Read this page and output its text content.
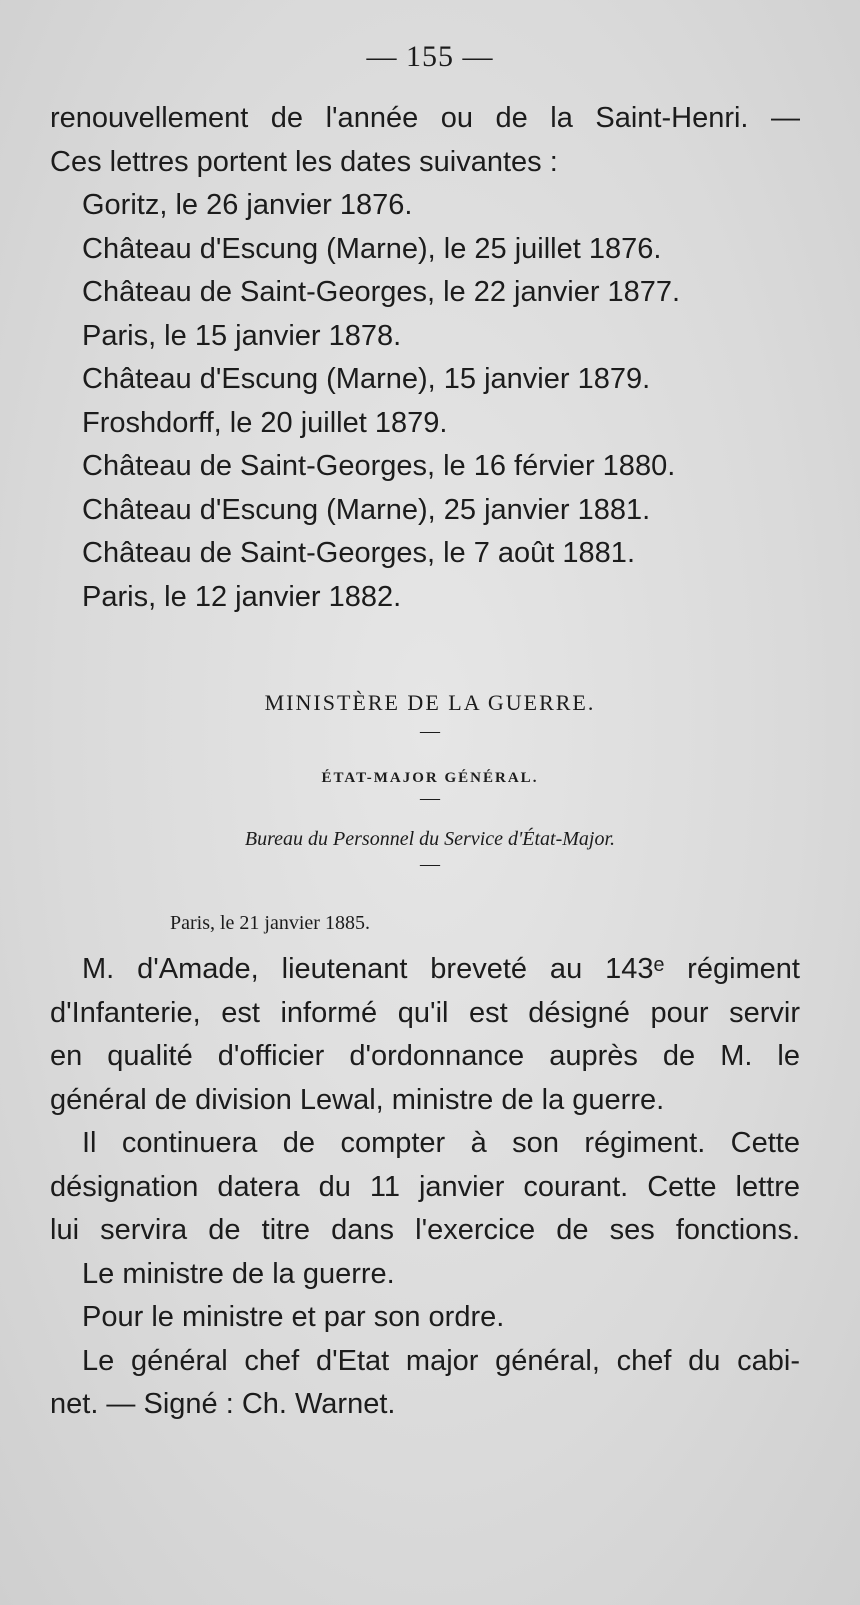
— 155 —
renouvellement de l'année ou de la Saint-Henri. —
Ces lettres portent les dates suivantes :
Goritz, le 26 janvier 1876.
Château d'Escung (Marne), le 25 juillet 1876.
Château de Saint-Georges, le 22 janvier 1877.
Paris, le 15 janvier 1878.
Château d'Escung (Marne), 15 janvier 1879.
Froshdorff, le 20 juillet 1879.
Château de Saint-Georges, le 16 férvier 1880.
Château d'Escung (Marne), 25 janvier 1881.
Château de Saint-Georges, le 7 août 1881.
Paris, le 12 janvier 1882.
MINISTÈRE DE LA GUERRE.
—
ÉTAT-MAJOR GÉNÉRAL.
—
Bureau du Personnel du Service d'État-Major.
—
Paris, le 21 janvier 1885.
M. d'Amade, lieutenant breveté au 143ᵉ régiment
d'Infanterie, est informé qu'il est désigné pour servir
en qualité d'officier d'ordonnance auprès de M. le
général de division Lewal, ministre de la guerre.
Il continuera de compter à son régiment. Cette
désignation datera du 11 janvier courant. Cette lettre
lui servira de titre dans l'exercice de ses fonctions.
Le ministre de la guerre.
Pour le ministre et par son ordre.
Le général chef d'Etat major général, chef du cabi-
net. — Signé : Ch. Warnet.
